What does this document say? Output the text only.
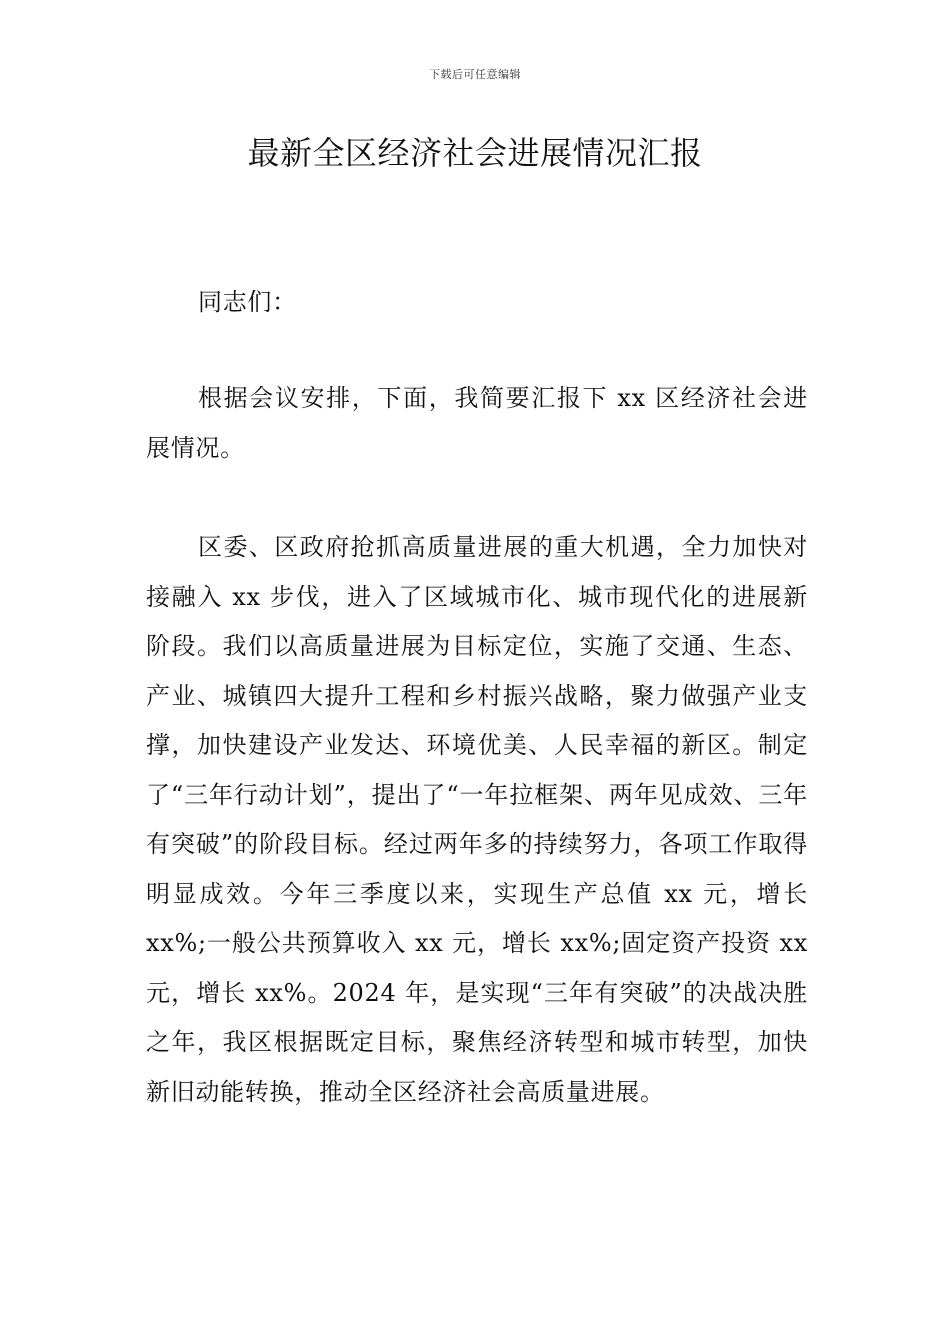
下载后可任意编辑
最新全区经济社会进展情况汇报

同志们：

根据会议安排，下面，我简要汇报下 xx 区经济社会进展情况。

区委、区政府抢抓高质量进展的重大机遇，全力加快对接融入 xx 步伐，进入了区域城市化、城市现代化的进展新阶段。我们以高质量进展为目标定位，实施了交通、生态、产业、城镇四大提升工程和乡村振兴战略，聚力做强产业支撑，加快建设产业发达、环境优美、人民幸福的新区。制定了“三年行动计划”，提出了“一年拉框架、两年见成效、三年有突破”的阶段目标。经过两年多的持续努力，各项工作取得明显成效。今年三季度以来，实现生产总值 xx 元，增长 xx%;一般公共预算收入 xx 元，增长 xx%;固定资产投资 xx 元，增长 xx%。2024 年，是实现“三年有突破”的决战决胜之年，我区根据既定目标，聚焦经济转型和城市转型，加快新旧动能转换，推动全区经济社会高质量进展。
